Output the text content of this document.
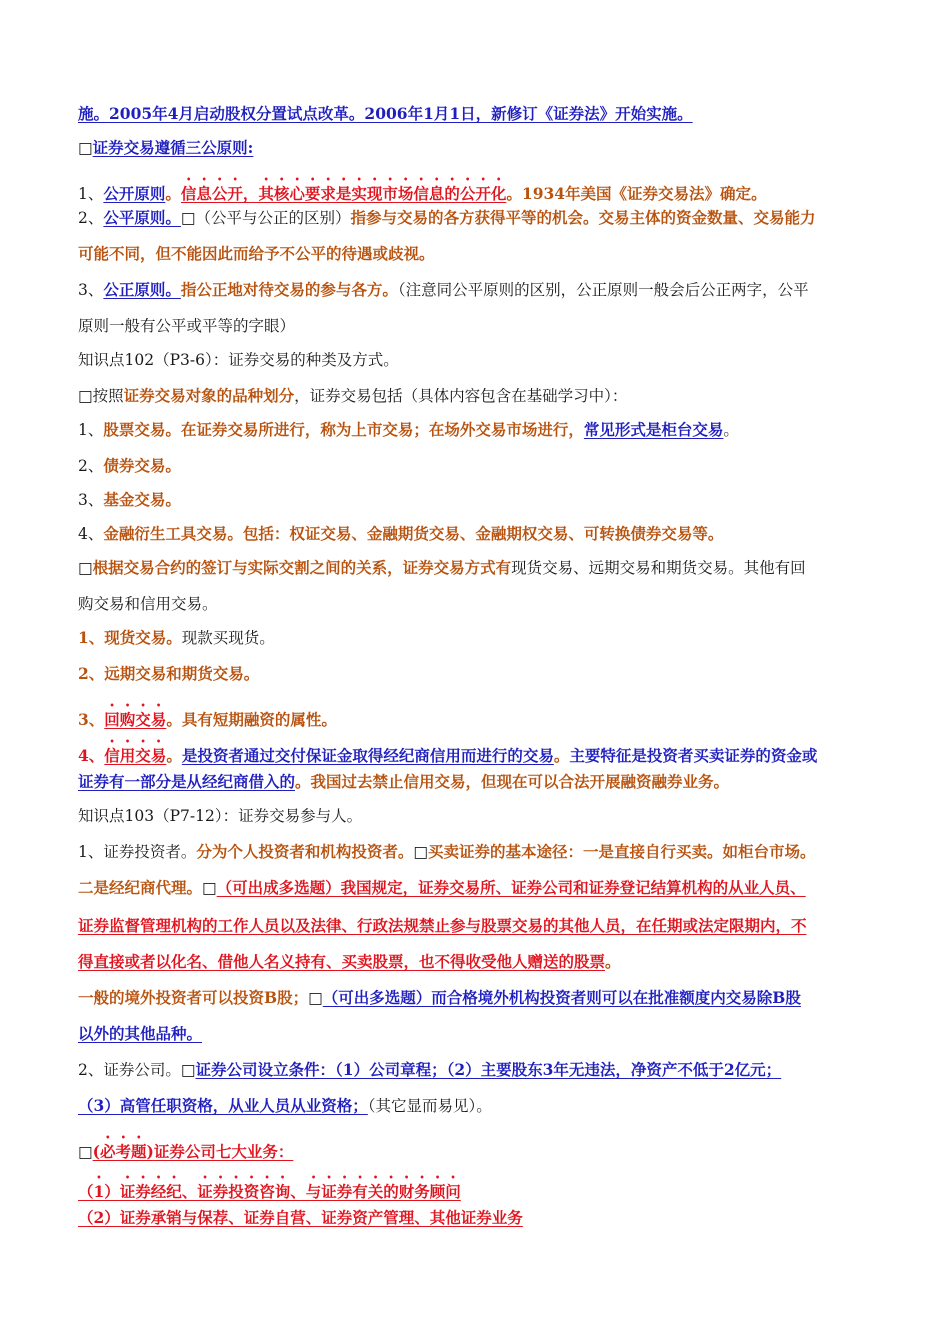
施。2005年4月启动股权分置试点改革。2006年1月1日，新修订《证券法》开始实施。
□证券交易遵循三公原则:
1、公开原则。信息公开，其核心要求是实现市场信息的公开化。1934年美国《证券交易法》确定。
2、公平原则。□（公平与公正的区别）指参与交易的各方获得平等的机会。交易主体的资金数量、交易能力
可能不同，但不能因此而给予不公平的待遇或歧视。
3、公正原则。指公正地对待交易的参与各方。（注意同公平原则的区别，公正原则一般会后公正两字，公平
原则一般有公平或平等的字眼）
知识点102（P3-6）：证券交易的种类及方式。
□按照证券交易对象的品种划分，证券交易包括（具体内容包含在基础学习中）：
1、股票交易。在证券交易所进行，称为上市交易；在场外交易市场进行，常见形式是柜台交易。
2、债券交易。
3、基金交易。
4、金融衍生工具交易。包括：权证交易、金融期货交易、金融期权交易、可转换债券交易等。
□根据交易合约的签订与实际交割之间的关系，证券交易方式有现货交易、远期交易和期货交易。其他有回
购交易和信用交易。
1、现货交易。现款买现货。
2、远期交易和期货交易。
3、回购交易。具有短期融资的属性。
4、信用交易。是投资者通过交付保证金取得经纪商信用而进行的交易。主要特征是投资者买卖证券的资金或
证券有一部分是从经纪商借入的。我国过去禁止信用交易，但现在可以合法开展融资融券业务。
知识点103（P7-12）：证券交易参与人。
1、证券投资者。分为个人投资者和机构投资者。□买卖证券的基本途径：一是直接自行买卖。如柜台市场。
二是经纪商代理。□（可出成多选题）我国规定，证券交易所、证券公司和证券登记结算机构的从业人员、
证券监督管理机构的工作人员以及法律、行政法规禁止参与股票交易的其他人员，在任期或法定限期内，不
得直接或者以化名、借他人名义持有、买卖股票，也不得收受他人赠送的股票。
一般的境外投资者可以投资B股；□（可出多选题）而合格境外机构投资者则可以在批准额度内交易除B股
以外的其他品种。
2、证券公司。□证券公司设立条件：（1）公司章程；（2）主要股东3年无违法，净资产不低于2亿元；
（3）高管任职资格，从业人员从业资格；（其它显而易见）。
□(必考题)证券公司七大业务：
（1）证券经纪、证券投资咨询、与证券有关的财务顾问
（2）证券承销与保荐、证券自营、证券资产管理、其他证券业务
